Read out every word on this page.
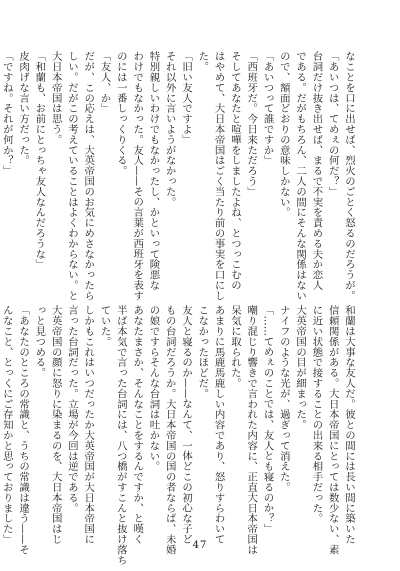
なことを口に出せば、烈火のごとく怒るのだろうが。

「あいつは、てめぇの何だ？」

台詞だけ抜き出せば、まるで不実を責める夫か恋人

である。だがもちろん、二人の間にそんな関係はない

ので、額面どおりの意味しかない。

「あいつって誰ですか」

「西班牙だ。今日来ただろう」

そしてあなたと喧嘩をしましたよね、とつっこむの

はやめて、大日本帝国はごく当たり前の事実を口にし

た。

「旧い友人ですよ」

それ以外に言いようがなかった。

特別親しいわけでもなかったし、かといって険悪な

わけでもなかった。友人——その言葉が西班牙を表す

のには一番しっくりくる。

「友人、か」

だが、この応えは、大英帝国のお気にめさなかったら

しい。だがこの考えていることはよくわからない。と

大日本帝国は思う。

「和蘭も、お前にとっちゃ友人なんだろうな」

皮肉げな言い方だった。

「ですね。それが何か？」

和蘭は大事な友人だ。彼との間には長い間に築いた

信頼関係がある。大日本帝国にとっては数少ない、素

に近い状態で接することの出来る相手だった。

大英帝国の目が細まった。

ナイフのような光が、過ぎって消えた。

「……てめぇのことでは、友人とも寝るのか？」

嘲り混じり響きで言われた内容に、正直大日本帝国は

呆気に取られた。

あまりに馬鹿馬鹿しい内容であり、怒りすらわいて

こなかったほどだ。

友人と寝るのか——なんて、一体どこの初心な子ど

もの台詞だろうか。大日本帝国の国の者ならば、未婚

の娘ですらそんな台詞は吐かない。

あなたまさか、そんなことをするんですか、と嘆く

半ば本気で言った台詞には、八つ橋がすこんと抜け落ち

ていた。

しかもこれはいつだったか大英帝国が大日本帝国に

言った台詞だった。立場が今回は逆である。

大英帝国の顔に怒りに染まるのを、大日本帝国はじ

っと見つめる。

「あなたのところの常識と、うちの常識は違う——そ

んなこと、とっくにご存知かと思っておりました」

47
